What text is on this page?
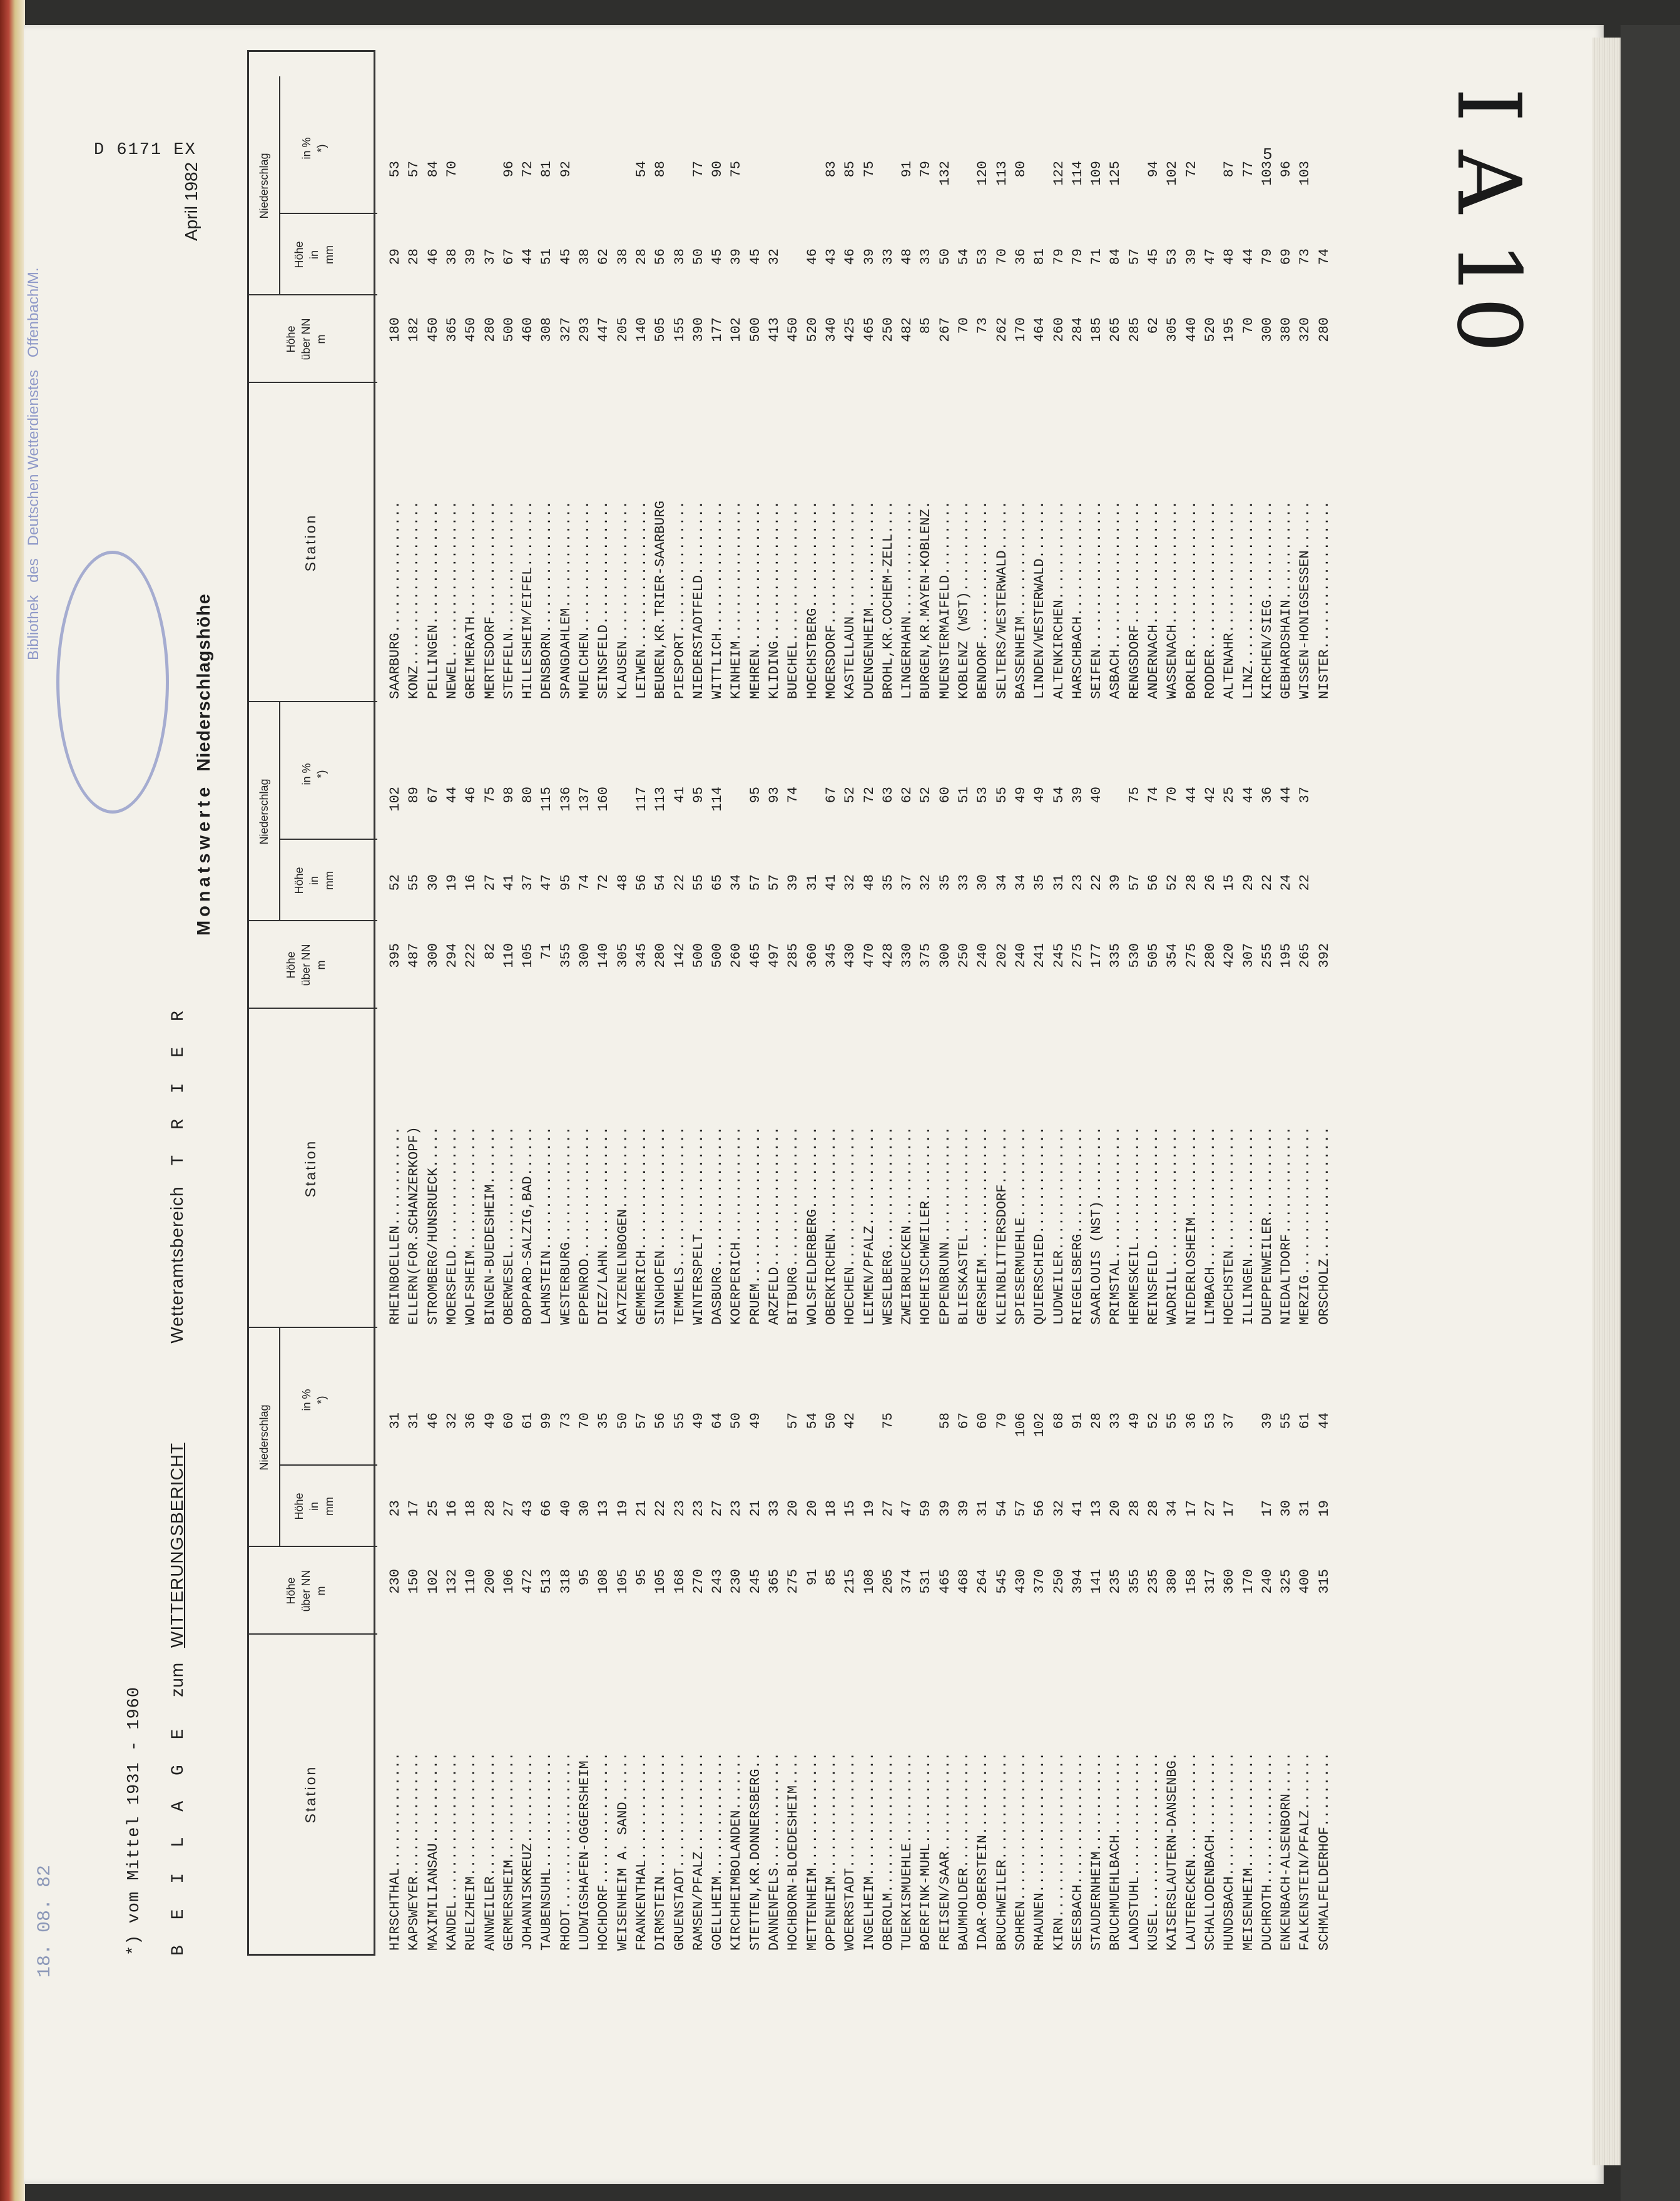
D 6171 EX	5 I A 10
18. 08. 82
Bibliothek   des   Deutschen Wetterdienstes   Offenbach/M.
*) vom Mittel 1931 - 1960 B E I L A G E zum WITTERUNGSBERICHT Wetteramtsbereich T R I E R
Monatswerte Niederschlagshöhe
April 1982
Station
Höhe
über NN
m
Niederschlag
Höhe
in
mm
in %
*)
Station
Höhe
über NN
m
Niederschlag
Höhe
in
mm
in %
*)
Station
Höhe
über NN
m
Niederschlag
Höhe
in
mm
in %
*)
HIRSCHTHAL..............
230
23
31
KAPSWEYER...............
150
17
31
MAXIMILIANSAU...........
102
25
46
KANDEL..................
132
16
32
RUELZHEIM...............
110
18
36
ANNWEILER...............
200
28
49
GERMERSHEIM.............
106
27
60
JOHANNISKREUZ...........
472
43
61
TAUBENSUHL..............
513
66
99
RHODT...................
318
40
73
LUDWIGSHAFEN-OGGERSHEIM.
95
30
70
HOCHDORF................
108
13
35
WEISENHEIM A. SAND......
105
19
50
FRANKENTHAL.............
95
21
57
DIRMSTEIN...............
105
22
56
GRUENSTADT..............
168
23
55
RAMSEN/PFALZ............
270
23
49
GOELLHEIM...............
243
27
64
KIRCHHEIMBOLANDEN.......
230
23
50
STETTEN,KR.DONNERSBERG..
245
21
49
DANNENFELS..............
365
33
HOCHBORN-BLOEDESHEIM....
275
20
57
METTENHEIM..............
91
20
54
OPPENHEIM...............
85
18
50
WOERRSTADT..............
215
15
42
INGELHEIM...............
108
19
OBEROLM.................
205
27
75
TUERKISMUEHLE...........
374
47
BOERFINK-MUHL...........
531
59
FREISEN/SAAR............
465
39
58
BAUMHOLDER..............
468
39
67
IDAR-OBERSTEIN..........
264
31
60
BRUCHWEILER.............
545
54
79
SOHREN..................
430
57
106
RHAUNEN.................
370
56
102
KIRN....................
250
32
68
SEESBACH................
394
41
91
STAUDERNHEIM............
141
13
28
BRUCHMUEHLBACH..........
235
20
33
LANDSTUHL...............
355
28
49
KUSEL...................
235
28
52
KAISERSLAUTERN-DANSENBG.
380
34
55
LAUTERECKEN.............
158
17
36
SCHALLODENBACH..........
317
27
53
HUNDSBACH...............
360
17
37
MEISENHEIM..............
170
DUCHROTH................
240
17
39
ENKENBACH-ALSENBORN.....
325
30
55
FALKENSTEIN/PFALZ.......
400
31
61
SCHMALFELDERHOF.........
315
19
44
RHEINBOELLEN............
395
52
102
ELLERN(FOR.SCHANZERKOPF)
487
55
89
STROMBERG/HUNSRUECK.....
300
30
67
MOERSFELD...............
294
19
44
WOLFSHEIM...............
222
16
46
BINGEN-BUEDESHEIM.......
82
27
75
OBERWESEL...............
110
41
98
BOPPARD-SALZIG,BAD......
105
37
80
LAHNSTEIN...............
71
47
115
WESTERBURG..............
355
95
136
EPPENROD................
300
74
137
DIEZ/LAHN...............
140
72
160
KATZENELNBOGEN..........
305
48
GEMMERICH...............
345
56
117
SINGHOFEN...............
280
54
113
TEMMELS.................
142
22
41
WINTERSPELT.............
500
55
95
DASBURG.................
500
65
114
KOERPERICH..............
260
34
PRUEM...................
465
57
95
ARZFELD.................
497
57
93
BITBURG.................
285
39
74
WOLSFELDERBERG..........
360
31
OBERKIRCHEN.............
345
41
67
HOECHEN.................
430
32
52
LEIMEN/PFALZ............
470
48
72
WESELBERG...............
428
35
63
ZWEIBRUECKEN............
330
37
62
HOEHEISCHWEILER.........
375
32
52
EPPENBRUNN..............
300
35
60
BLIESKASTEL.............
250
33
51
GERSHEIM................
240
30
53
KLEINBLITTERSDORF.......
202
34
55
SPIESERMUEHLE...........
240
34
49
QUIERSCHIED.............
241
35
49
LUDWEILER...............
245
31
54
RIEGELSBERG.............
275
23
39
SAARLOUIS (NST).........
177
22
40
PRIMSTAL................
335
39
HERMESKEIL..............
530
57
75
REINSFELD...............
505
56
74
WADRILL.................
354
52
70
NIEDERLOSHEIM...........
275
28
44
LIMBACH.................
280
26
42
HOECHSTEN...............
420
15
25
ILLINGEN................
307
29
44
DUEPPENWEILER...........
255
22
36
NIEDALTDORF.............
195
24
44
MERZIG..................
265
22
37
ORSCHOLZ................
392
SAARBURG................
180
29
53
KONZ....................
182
28
57
PELLINGEN...............
450
46
84
NEWEL...................
365
38
70
GREIMERATH..............
450
39
MERTESDORF..............
280
37
STEFFELN................
500
67
96
HILLESHEIM/EIFEL........
460
44
72
DENSBORN................
308
51
81
SPANGDAHLEM.............
327
45
92
MUELCHEN................
293
38
SEINSFELD...............
447
62
KLAUSEN.................
205
38
LEIWEN..................
140
28
54
BEUREN,KR.TRIER-SAARBURG
505
56
88
PIESPORT................
155
38
NIEDERSTADTFELD.........
390
50
77
WITTLICH................
177
45
90
KINHEIM.................
102
39
75
MEHREN..................
500
45
KLIDING.................
413
32
BUECHEL.................
450
HOECHSTBERG.............
520
46
MOERSDORF...............
340
43
83
KASTELLAUN..............
425
46
85
DUENGENHEIM.............
465
39
75
BROHL,KR.COCHEM-ZELL....
250
33
LINGERHAHN..............
482
48
91
BURGEN,KR.MAYEN-KOBLENZ.
85
33
79
MUENSTERMAIFELD.........
267
50
132
KOBLENZ (WST)...........
70
54
BENDORF.................
73
53
120
SELTERS/WESTERWALD......
262
70
113
BASSENHEIM..............
170
36
80
LINDEN/WESTERWALD.......
464
81
ALTENKIRCHEN............
260
79
122
HARSCHBACH..............
284
79
114
SEIFEN..................
185
71
109
ASBACH..................
265
84
125
RENGSDORF...............
285
57
ANDERNACH...............
62
45
94
WASSENACH...............
305
53
102
BORLER..................
440
39
72
RODDER..................
520
47
ALTENAHR................
195
48
87
LINZ....................
70
44
77
KIRCHEN/SIEG............
300
79
103
GEBHARDSHAIN............
380
69
96
WISSEN-HONIGSESSEN......
320
73
103
NISTER..................
280
74
